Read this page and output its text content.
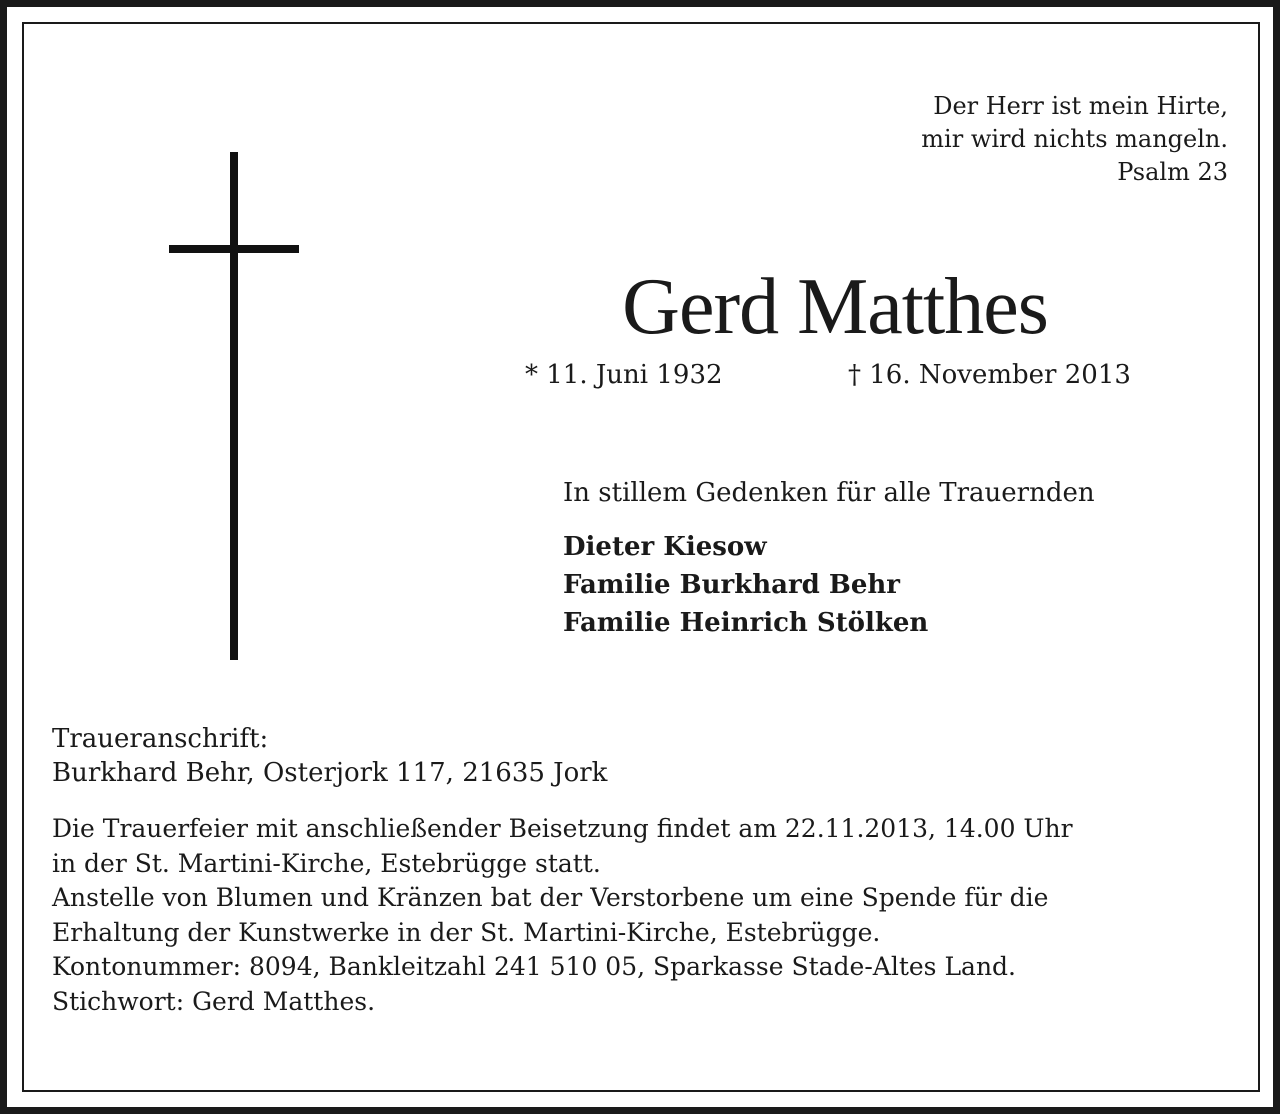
Der Herr ist mein Hirte,
mir wird nichts mangeln.
Psalm 23
Gerd Matthes
* 11. Juni 1932	† 16. November 2013
In stillem Gedenken für alle Trauernden
Dieter Kiesow
Familie Burkhard Behr
Familie Heinrich Stölken
Traueranschrift:
Burkhard Behr, Osterjork 117, 21635 Jork
Die Trauerfeier mit anschließender Beisetzung findet am 22.11.2013, 14.00 Uhr
in der St. Martini-Kirche, Estebrügge statt.
Anstelle von Blumen und Kränzen bat der Verstorbene um eine Spende für die
Erhaltung der Kunstwerke in der St. Martini-Kirche, Estebrügge.
Kontonummer: 8094, Bankleitzahl 241 510 05, Sparkasse Stade-Altes Land.
Stichwort: Gerd Matthes.
